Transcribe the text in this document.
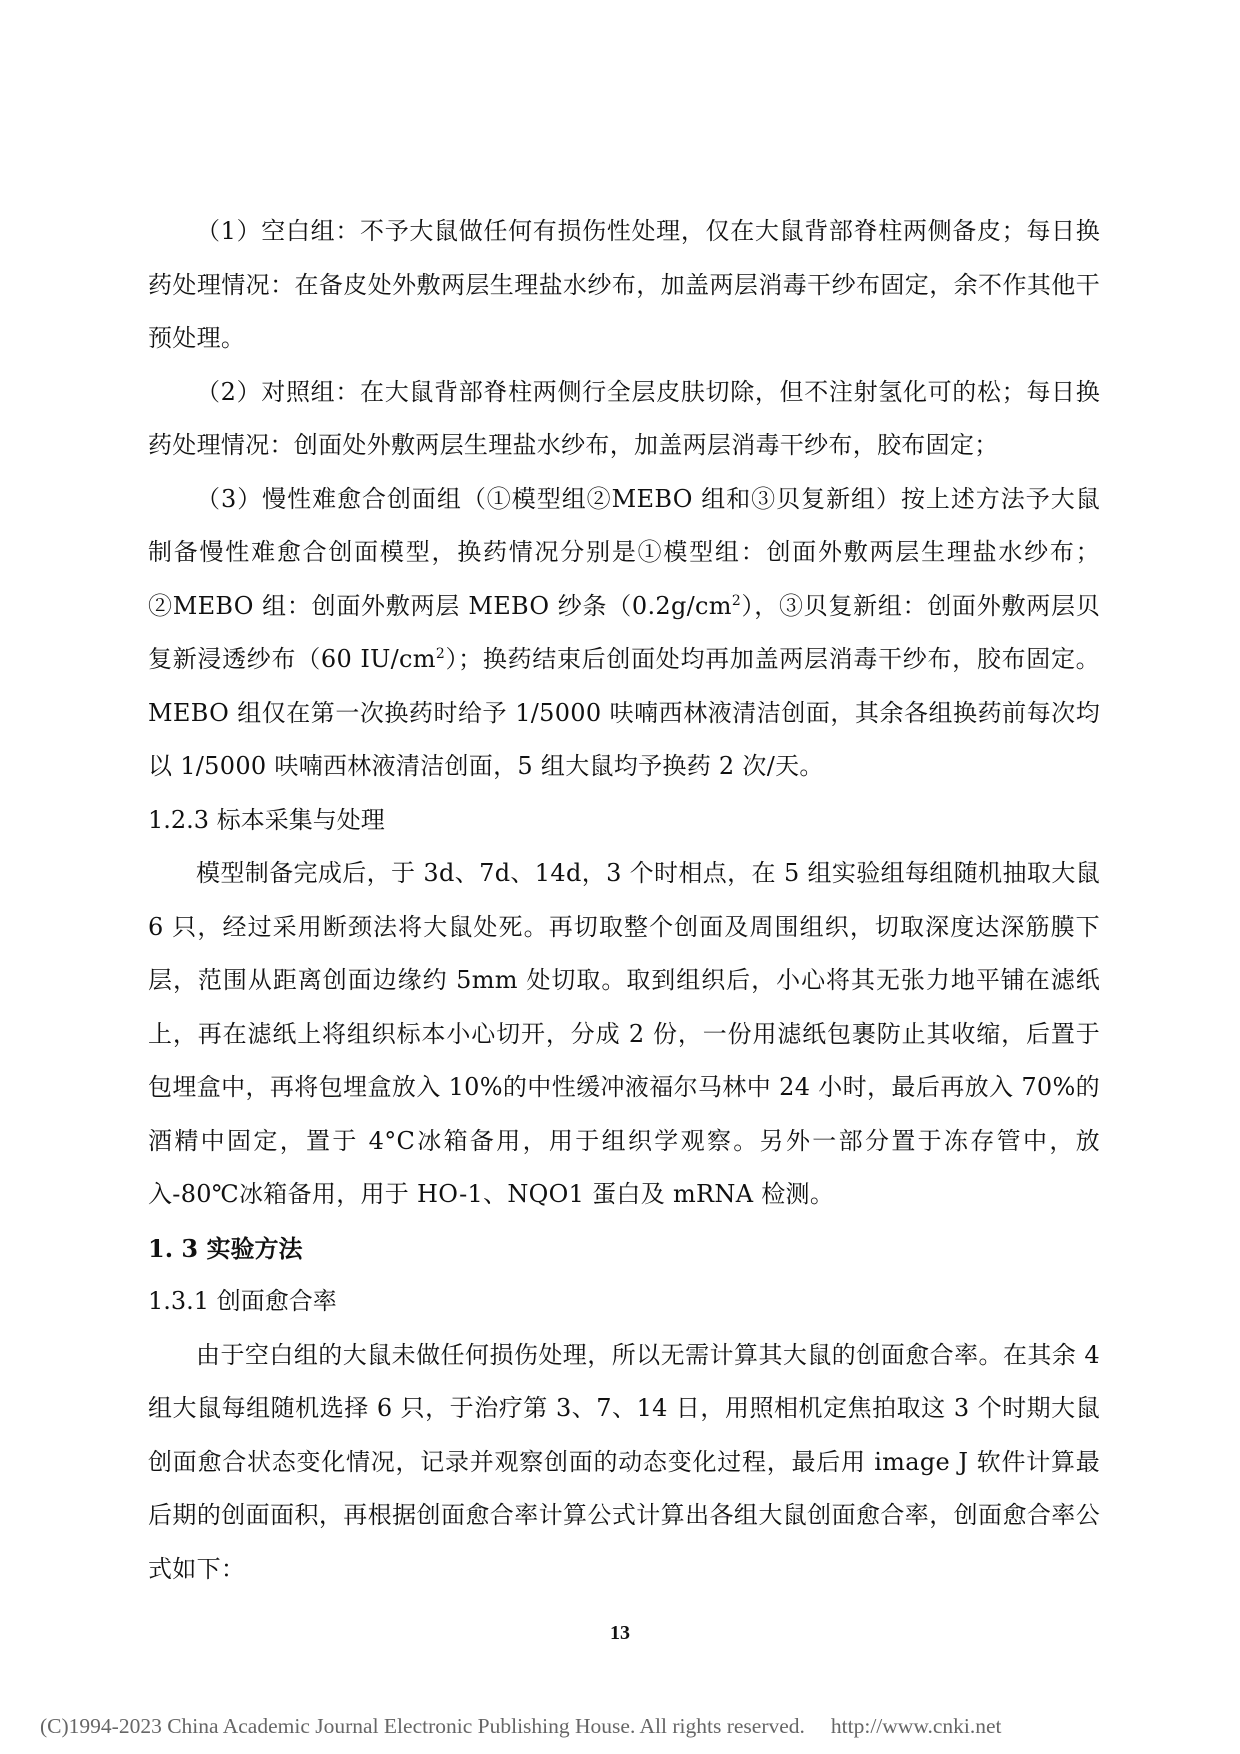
（1）空白组：不予大鼠做任何有损伤性处理，仅在大鼠背部脊柱两侧备皮；每日换药处理情况：在备皮处外敷两层生理盐水纱布，加盖两层消毒干纱布固定，余不作其他干预处理。

（2）对照组：在大鼠背部脊柱两侧行全层皮肤切除，但不注射氢化可的松；每日换药处理情况：创面处外敷两层生理盐水纱布，加盖两层消毒干纱布，胶布固定；

（3）慢性难愈合创面组（①模型组②MEBO 组和③贝复新组）按上述方法予大鼠制备慢性难愈合创面模型，换药情况分别是①模型组：创面外敷两层生理盐水纱布；②MEBO 组：创面外敷两层 MEBO 纱条$(0.2g/cm^2)$，③贝复新组：创面外敷两层贝复新浸透纱布（60 $IU/cm^2$）；换药结束后创面处均再加盖两层消毒干纱布，胶布固定。MEBO 组仅在第一次换药时给予 1/5000 呋喃西林液清洁创面，其余各组换药前每次均以 1/5000 呋喃西林液清洁创面，5 组大鼠均予换药 2 次/天。

1.2.3 标本采集与处理

模型制备完成后，于 3d、7d、14d，3 个时相点，在 5 组实验组每组随机抽取大鼠 6 只，经过采用断颈法将大鼠处死。再切取整个创面及周围组织，切取深度达深筋膜下层，范围从距离创面边缘约 5mm 处切取。取到组织后，小心将其无张力地平铺在滤纸上，再在滤纸上将组织标本小心切开，分成 2 份，一份用滤纸包裹防止其收缩，后置于包埋盒中，再将包埋盒放入 10%的中性缓冲液福尔马林中 24 小时，最后再放入 70%的酒精中固定，置于 4°C冰箱备用，用于组织学观察。另外一部分置于冻存管中，放入-80℃冰箱备用，用于 HO-1、NQO1 蛋白及 mRNA 检测。

1. 3 实验方法

1.3.1 创面愈合率

由于空白组的大鼠未做任何损伤处理，所以无需计算其大鼠的创面愈合率。在其余 4 组大鼠每组随机选择 6 只，于治疗第 3、7、14 日，用照相机定焦拍取这 3 个时期大鼠创面愈合状态变化情况，记录并观察创面的动态变化过程，最后用 image J 软件计算最后期的创面面积，再根据创面愈合率计算公式计算出各组大鼠创面愈合率，创面愈合率公式如下：

13
(C)1994-2023 China Academic Journal Electronic Publishing House. All rights reserved. http://www.cnki.net
